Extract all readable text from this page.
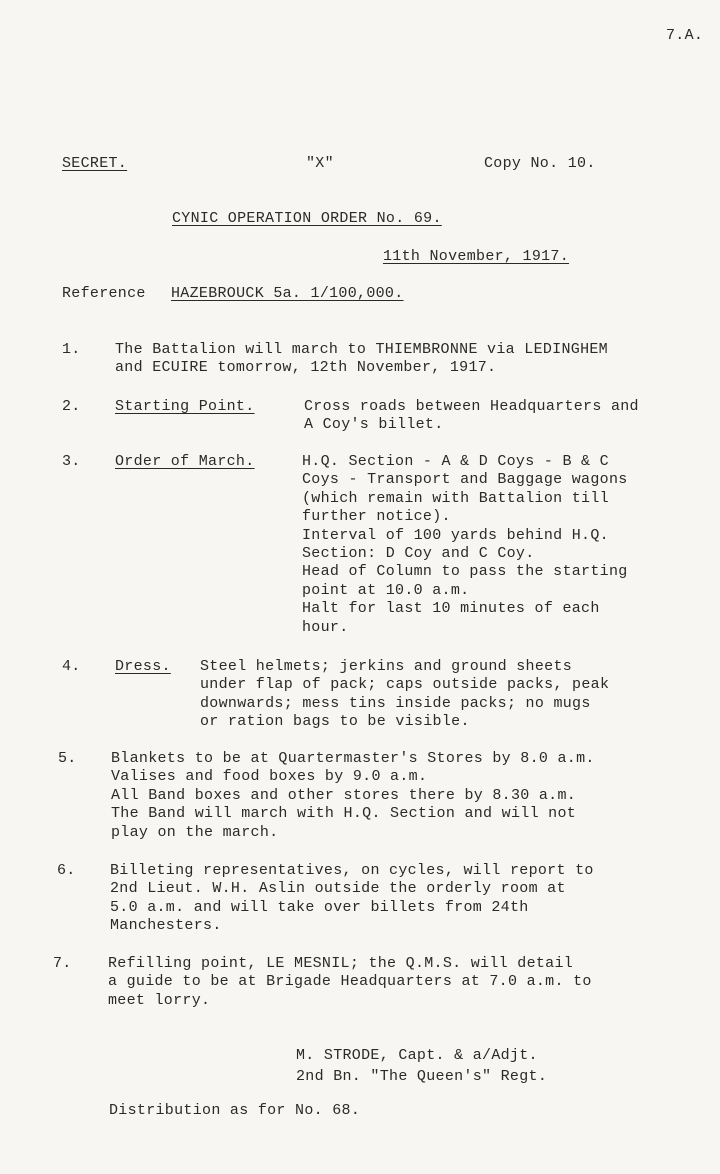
7.A.
SECRET.	"X"	Copy No. 10.
CYNIC OPERATION ORDER No. 69.
11th November, 1917.
Reference HAZEBROUCK 5a. 1/100,000.
1. The Battalion will march to THIEMBRONNE via LEDINGHEM
and ECUIRE tomorrow, 12th November, 1917.
2. Starting Point.	Cross roads between Headquarters and
A Coy's billet.
3. Order of March.	H.Q. Section - A & D Coys - B & C
Coys - Transport and Baggage wagons
(which remain with Battalion till
further notice).
Interval of 100 yards behind H.Q.
Section: D Coy and C Coy.
Head of Column to pass the starting
point at 10.0 a.m.
Halt for last 10 minutes of each
hour.
4. Dress. Steel helmets; jerkins and ground sheets
under flap of pack; caps outside packs, peak
downwards; mess tins inside packs; no mugs
or ration bags to be visible.
5. Blankets to be at Quartermaster's Stores by 8.0 a.m.
Valises and food boxes by 9.0 a.m.
All Band boxes and other stores there by 8.30 a.m.
The Band will march with H.Q. Section and will not
play on the march.
6. Billeting representatives, on cycles, will report to
2nd Lieut. W.H. Aslin outside the orderly room at
5.0 a.m. and will take over billets from 24th
Manchesters.
7. Refilling point, LE MESNIL; the Q.M.S. will detail
a guide to be at Brigade Headquarters at 7.0 a.m. to
meet lorry.
M. STRODE, Capt. & a/Adjt.
2nd Bn. "The Queen's" Regt.
Distribution as for No. 68.
